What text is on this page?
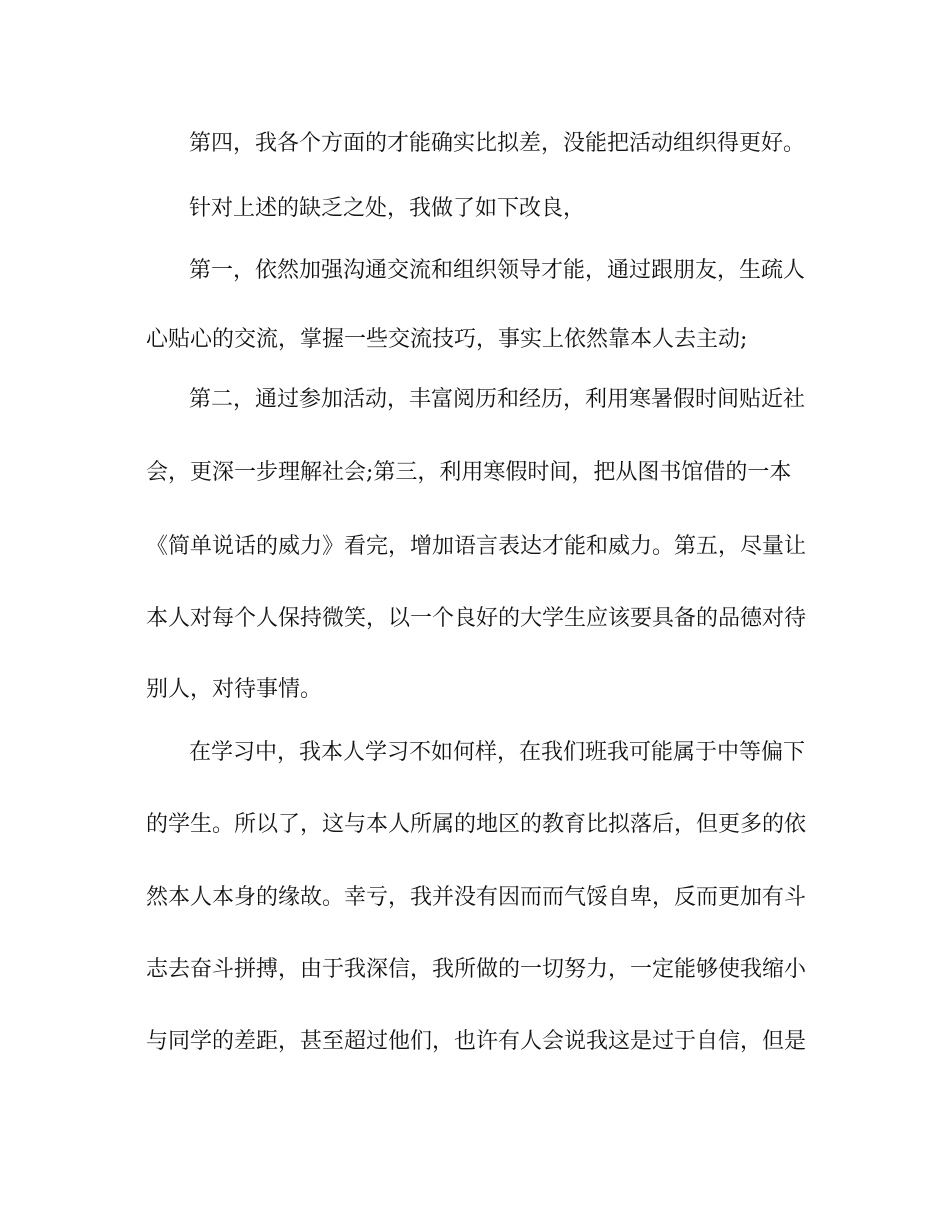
第四，我各个方面的才能确实比拟差，没能把活动组织得更好。
针对上述的缺乏之处，我做了如下改良，
第一，依然加强沟通交流和组织领导才能，通过跟朋友，生疏人
心贴心的交流，掌握一些交流技巧，事实上依然靠本人去主动;
第二，通过参加活动，丰富阅历和经历，利用寒暑假时间贴近社
会，更深一步理解社会;第三，利用寒假时间，把从图书馆借的一本
《简单说话的威力》看完，增加语言表达才能和威力。第五，尽量让
本人对每个人保持微笑，以一个良好的大学生应该要具备的品德对待
别人，对待事情。
在学习中，我本人学习不如何样，在我们班我可能属于中等偏下
的学生。所以了，这与本人所属的地区的教育比拟落后，但更多的依
然本人本身的缘故。幸亏，我并没有因而而气馁自卑，反而更加有斗
志去奋斗拼搏，由于我深信，我所做的一切努力，一定能够使我缩小
与同学的差距，甚至超过他们，也许有人会说我这是过于自信，但是
